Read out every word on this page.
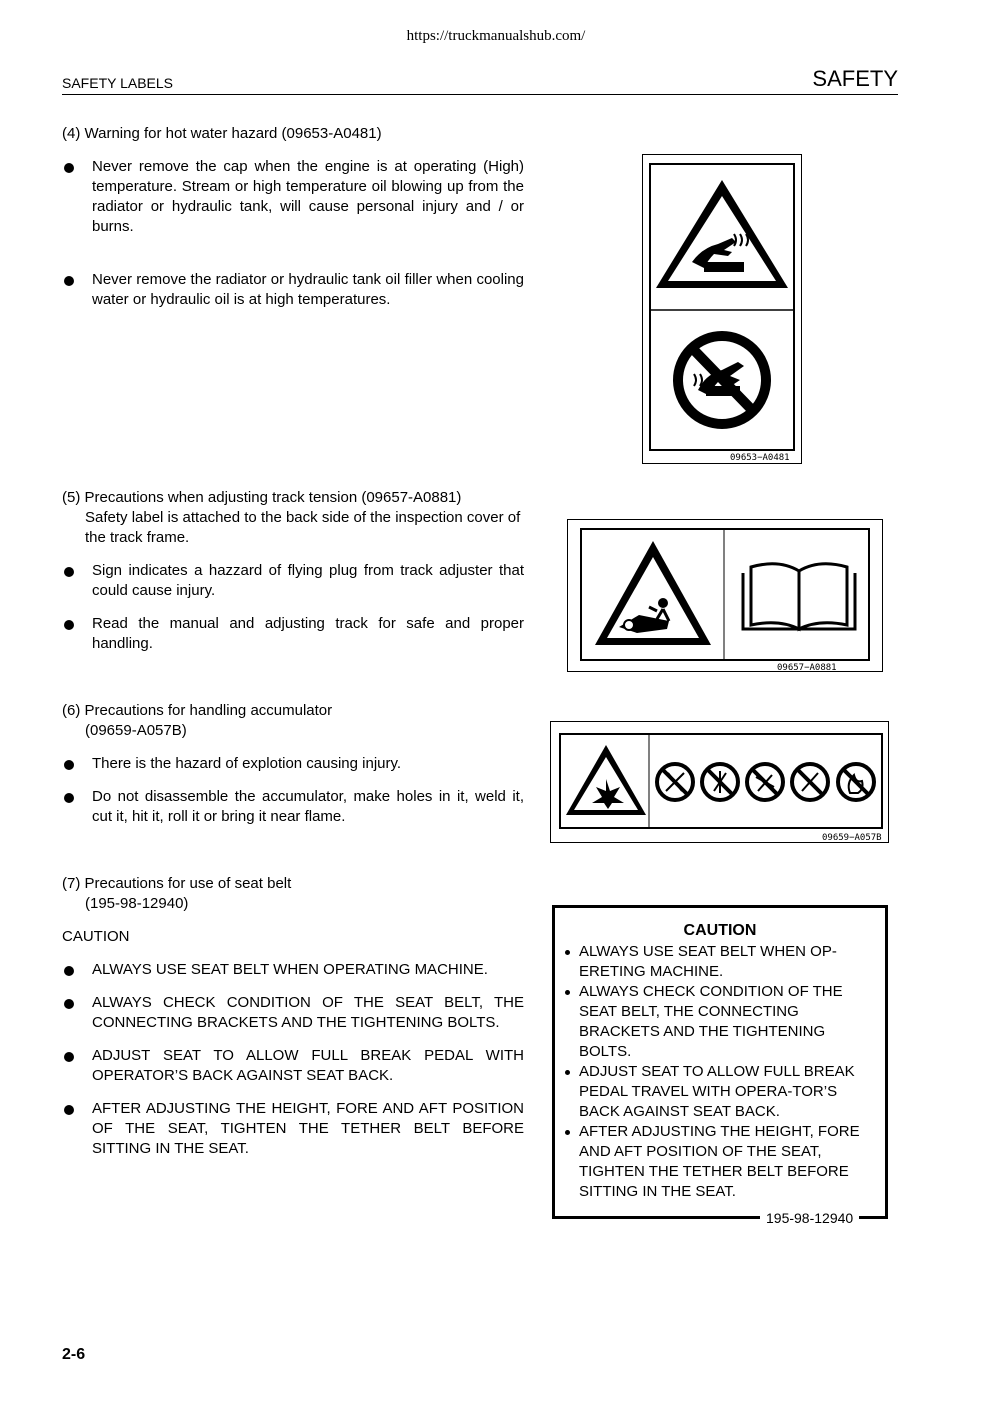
https://truckmanualshub.com/
SAFETY LABELS	SAFETY
(4) Warning for hot water hazard (09653-A0481)
Never remove the cap when the engine is at operating (High) temperature. Stream or high temperature oil blowing up from the radiator or hydraulic tank, will cause personal injury and / or burns.
Never remove the radiator or hydraulic tank oil filler when cooling water or hydraulic oil is at high temperatures.
09653−A0481
(5) Precautions when adjusting track tension (09657-A0881)
Safety label is attached to the back side of the inspection cover of the track frame.
Sign indicates a hazzard of flying plug from track adjuster that could cause injury.
Read the manual and adjusting track for safe and proper handling.
09657−A0881
(6) Precautions for handling accumulator
(09659-A057B)
There is the hazard of explotion causing injury.
Do not disassemble the accumulator, make holes in it, weld it, cut it, hit it, roll it or bring it near flame.
09659−A057B
(7) Precautions for use of seat belt
(195-98-12940)
CAUTION
ALWAYS USE SEAT BELT WHEN OPERATING MACHINE.
ALWAYS CHECK CONDITION OF THE SEAT BELT, THE CONNECTING BRACKETS AND THE TIGHTENING BOLTS.
ADJUST SEAT TO ALLOW FULL BREAK PEDAL WITH OPERATOR’S BACK AGAINST SEAT BACK.
AFTER ADJUSTING THE HEIGHT, FORE AND AFT POSITION OF THE SEAT, TIGHTEN THE TETHER BELT BEFORE SITTING IN THE SEAT.
CAUTION
ALWAYS USE SEAT BELT WHEN OP-ERETING MACHINE.
ALWAYS CHECK CONDITION OF THE SEAT BELT, THE CONNECTING BRACKETS AND THE TIGHTENING BOLTS.
ADJUST SEAT TO ALLOW FULL BREAK PEDAL TRAVEL WITH OPERA-TOR’S BACK AGAINST SEAT BACK.
AFTER ADJUSTING THE HEIGHT, FORE AND AFT POSITION OF THE SEAT, TIGHTEN THE TETHER BELT BEFORE SITTING IN THE SEAT.
195-98-12940
2-6
